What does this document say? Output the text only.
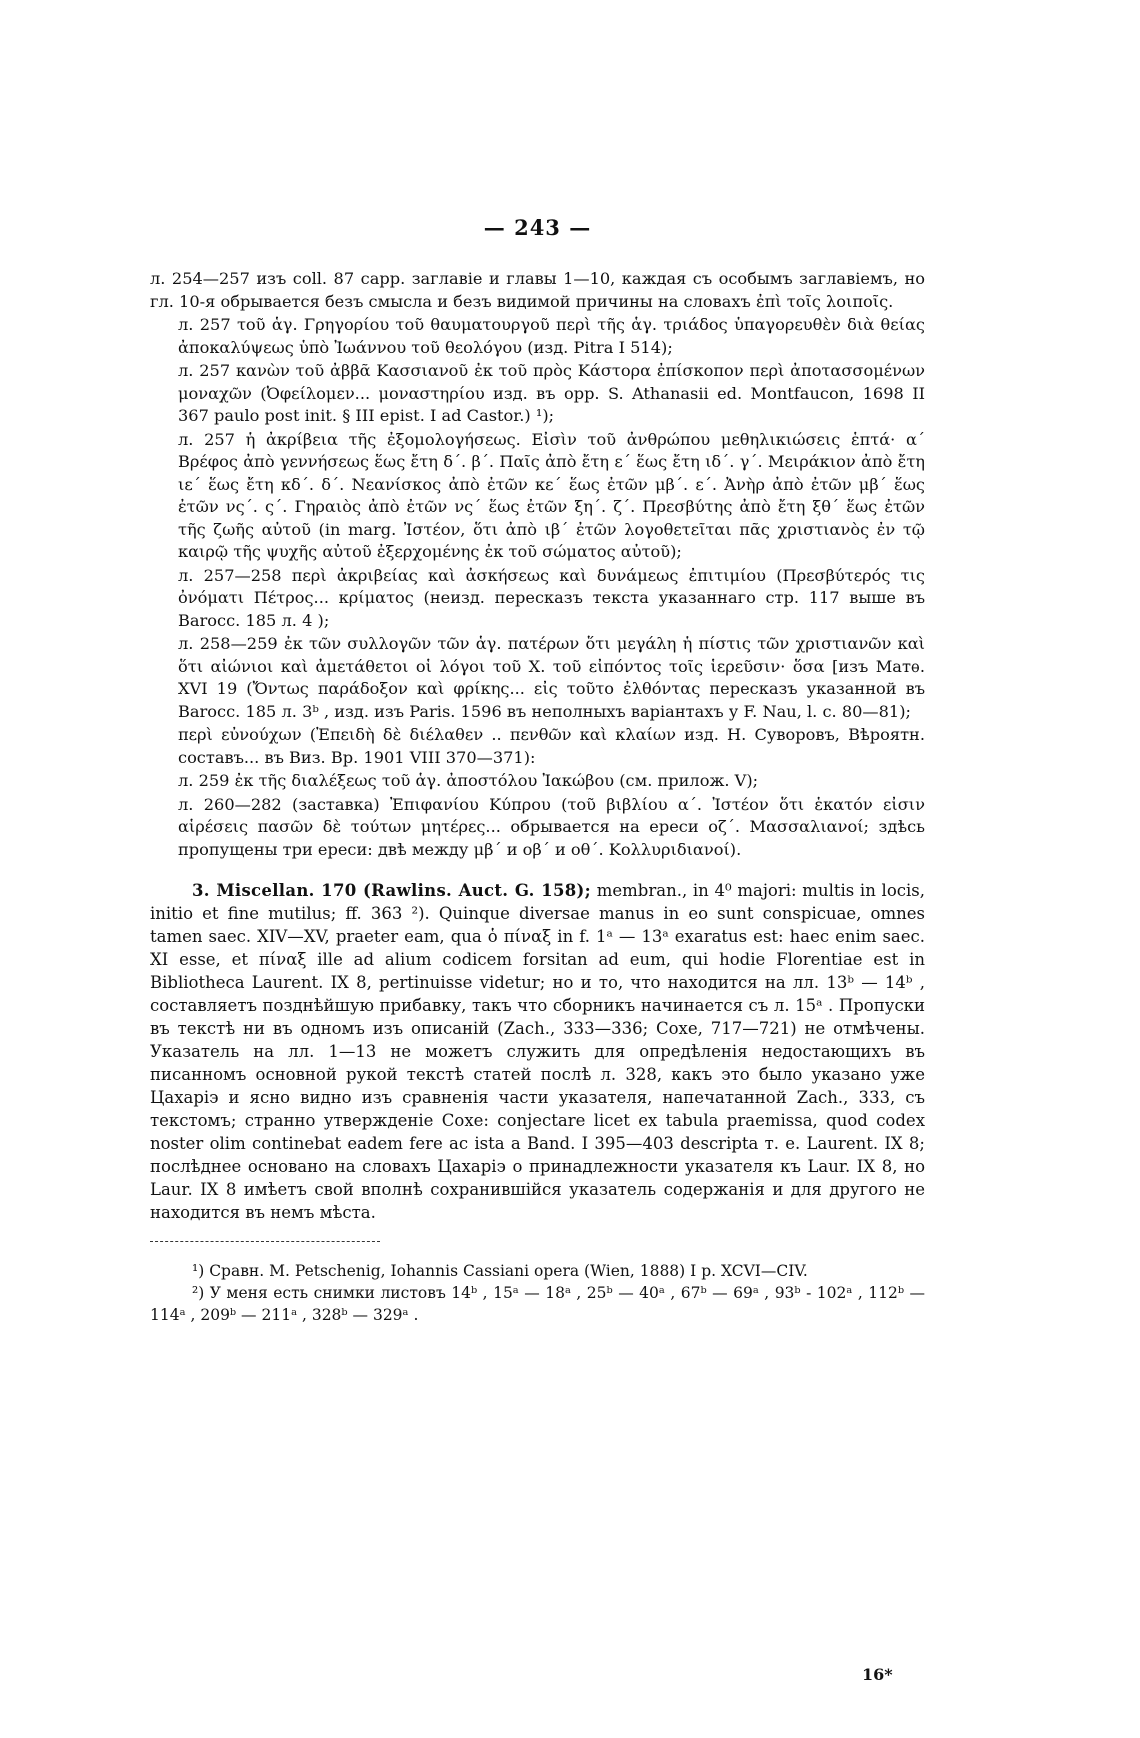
— 243 —

л. 254—257 изъ coll. 87 capp. заглавіе и главы 1—10, каждая съ особымъ заглавіемъ, но гл. 10-я обрывается безъ смысла и безъ видимой причины на словахъ ἐπὶ τοῖς λοιποῖς.

л. 257 τοῦ ἁγ. Γρηγορίου τοῦ θαυματουργοῦ περὶ τῆς ἁγ. τριάδος ὑπαγορευθὲν διὰ θείας ἀποκαλύψεως ὑπὸ Ἰωάννου τοῦ θεολόγου (изд. Pitra I 514);

л. 257 κανὼν τοῦ ἀββᾶ Κασσιανοῦ ἐκ τοῦ πρὸς Κάστορα ἐπίσκοπον περὶ ἀποτασσομένων μοναχῶν (Ὀφείλομεν... μοναστηρίου изд. въ opp. S. Athanasii ed. Montfaucon, 1698 II 367 paulo post init. § III epist. I ad Castor.) ¹);

л. 257 ἡ ἀκρίβεια τῆς ἐξομολογήσεως. Εἰσὶν τοῦ ἀνθρώπου μεθηλικιώσεις ἑπτά· α´ Βρέφος ἀπὸ γεννήσεως ἕως ἔτη δ´. β´. Παῖς ἀπὸ ἔτη ε´ ἕως ἔτη ιδ´. γ´. Μειράκιον ἀπὸ ἔτη ιε´ ἕως ἔτη κδ´. δ´. Νεανίσκος ἀπὸ ἐτῶν κε´ ἕως ἐτῶν μβ´. ε´. Ἀνὴρ ἀπὸ ἐτῶν μβ´ ἕως ἐτῶν νς´. ς´. Γηραιὸς ἀπὸ ἐτῶν νς´ ἕως ἐτῶν ξη´. ζ´. Πρεσβύτης ἀπὸ ἔτη ξθ´ ἕως ἐτῶν τῆς ζωῆς αὐτοῦ (in marg. Ἰστέον, ὅτι ἀπὸ ιβ´ ἐτῶν λογοθετεῖται πᾶς χριστιανὸς ἐν τῷ καιρῷ τῆς ψυχῆς αὐτοῦ ἐξερχομένης ἐκ τοῦ σώματος αὐτοῦ);

л. 257—258 περὶ ἀκριβείας καὶ ἀσκήσεως καὶ δυνάμεως ἐπιτιμίου (Πρεσβύτερός τις ὀνόματι Πέτρος... κρίματος (неизд. пересказъ текста указаннаго стр. 117 выше въ Barocc. 185 л. 4 );

л. 258—259 ἐκ τῶν συλλογῶν τῶν ἁγ. πατέρων ὅτι μεγάλη ἡ πίστις τῶν χριστιανῶν καὶ ὅτι αἰώνιοι καὶ ἀμετάθετοι οἱ λόγοι τοῦ Χ. τοῦ εἰπόντος τοῖς ἱερεῦσιν· ὅσα [изъ Матѳ. XVI 19 (Ὄντως παράδοξον καὶ φρίκης... εἰς τοῦτο ἐλθόντας пересказъ указанной въ Barocc. 185 л. 3ᵇ , изд. изъ Paris. 1596 въ неполныхъ варіантахъ у F. Nau, l. c. 80—81);

περὶ εὐνούχων (Ἐπειδὴ δὲ διέλαθεν .. πενθῶν καὶ κλαίων изд. Н. Суворовъ, Вѣроятн. составъ... въ Виз. Вр. 1901 VIII 370—371):

л. 259 ἐκ τῆς διαλέξεως τοῦ ἁγ. ἀποστόλου Ἰακώβου (см. прилож. V);

л. 260—282 (заставка) Ἐπιφανίου Κύπρου (τοῦ βιβλίου α´. Ἰστέον ὅτι ἑκατόν εἰσιν αἱρέσεις πασῶν δὲ τούτων μητέρες... обрывается на ереси οζ´. Μασσαλιανοί; здѣсь пропущены три ереси: двѣ между μβ´ и οβ´ и οθ´. Κολλυριδιανοί).

3. Miscellan. 170 (Rawlins. Auct. G. 158); membran., in 4⁰ majori: multis in locis, initio et fine mutilus; ff. 363 ²). Quinque diversae manus in eo sunt conspicuae, omnes tamen saec. XIV—XV, praeter eam, qua ὁ πίναξ in f. 1ᵃ — 13ᵃ exaratus est: haec enim saec. XI esse, et πίναξ ille ad alium codicem forsitan ad eum, qui hodie Florentiae est in Bibliotheca Laurent. IX 8, pertinuisse videtur; но и то, что находится на лл. 13ᵇ — 14ᵇ , составляетъ позднѣйшую прибавку, такъ что сборникъ начинается съ л. 15ᵃ . Пропуски въ текстѣ ни въ одномъ изъ описаній (Zach., 333—336; Coxe, 717—721) не отмѣчены. Указатель на лл. 1—13 не можетъ служить для опредѣленія недостающихъ въ писанномъ основной рукой текстѣ статей послѣ л. 328, какъ это было указано уже Цахаріэ и ясно видно изъ сравненія части указателя, напечатанной Zach., 333, съ текстомъ; странно утвержденіе Coxe: conjectare licet ex tabula praemissa, quod codex noster olim continebat eadem fere ac ista a Band. I 395—403 descripta т. е. Laurent. IX 8; послѣднее основано на словахъ Цахаріэ о принадлежности указателя къ Laur. IX 8, но Laur. IX 8 имѣетъ свой вполнѣ сохранившійся указатель содержанія и для другого не находится въ немъ мѣста.

¹) Сравн. M. Petschenig, Iohannis Cassiani opera (Wien, 1888) I p. XCVI—CIV.

²) У меня есть снимки листовъ 14ᵇ , 15ᵃ — 18ᵃ , 25ᵇ — 40ᵃ , 67ᵇ — 69ᵃ , 93ᵇ - 102ᵃ , 112ᵇ — 114ᵃ , 209ᵇ — 211ᵃ , 328ᵇ — 329ᵃ .

16*
